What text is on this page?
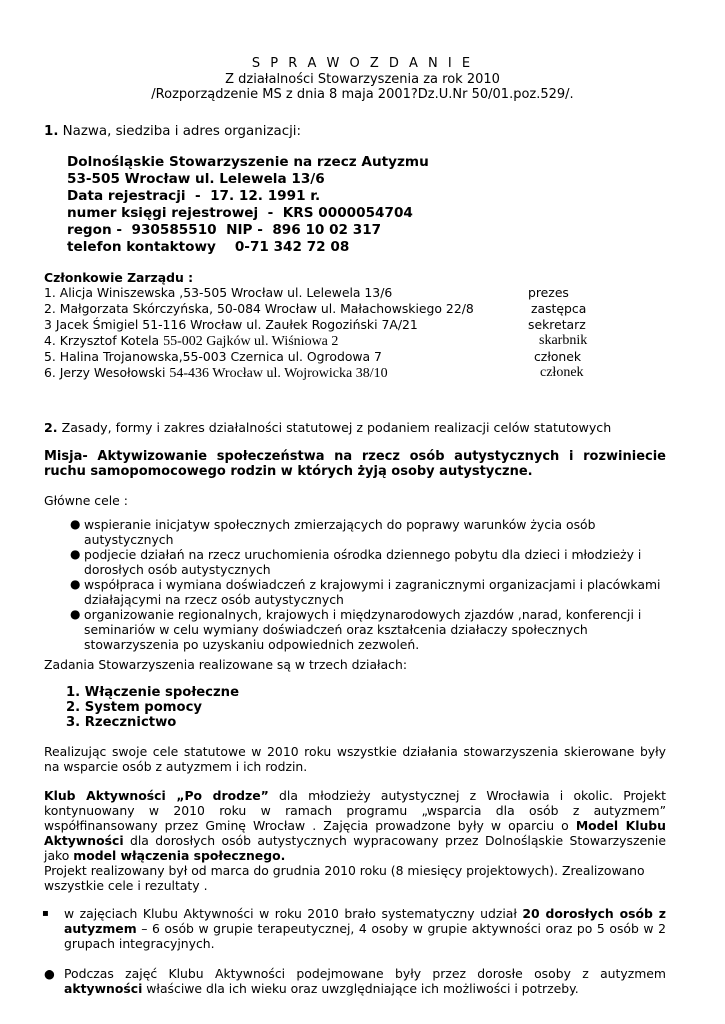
S P R A W O Z D A N I E
Z działalności Stowarzyszenia za rok 2010
/Rozporządzenie MS z dnia 8 maja 2001?Dz.U.Nr 50/01.poz.529/.
1. Nazwa, siedziba i adres organizacji:
Dolnośląskie Stowarzyszenie na rzecz Autyzmu
53-505 Wrocław ul. Lelewela 13/6
Data rejestracji  -  17. 12. 1991 r.
numer księgi rejestrowej  -  KRS 0000054704
regon -  930585510  NIP -  896 10 02 317
telefon kontaktowy    0-71 342 72 08
Członkowie Zarządu :
1. Alicja Winiszewska ,53-505 Wrocław ul. Lelewela 13/6	prezes
2. Małgorzata Skórczyńska, 50-084 Wrocław ul. Małachowskiego 22/8	zastępca
3 Jacek Śmigiel 51-116 Wrocław ul. Zaułek Rogoziński 7A/21	sekretarz
4. Krzysztof Kotela 55-002 Gajków ul. Wiśniowa 2	skarbnik
5. Halina Trojanowska,55-003 Czernica ul. Ogrodowa 7	członek
6. Jerzy Wesołowski 54-436 Wrocław ul. Wojrowicka 38/10	członek
2. Zasady, formy i zakres działalności statutowej z podaniem realizacji celów statutowych
Misja- Aktywizowanie społeczeństwa na rzecz osób autystycznych i rozwiniecie ruchu samopomocowego rodzin w których żyją osoby autystyczne.
Główne cele :
● wspieranie inicjatyw społecznych zmierzających do poprawy warunków życia osób autystycznych
● podjecie działań na rzecz uruchomienia ośrodka dziennego pobytu dla dzieci i młodzieży i dorosłych osób autystycznych
● współpraca i wymiana doświadczeń z krajowymi i zagranicznymi organizacjami i placówkami działającymi na rzecz osób autystycznych
● organizowanie regionalnych, krajowych i międzynarodowych zjazdów ,narad, konferencji i seminariów w celu wymiany doświadczeń oraz kształcenia działaczy społecznych stowarzyszenia po uzyskaniu odpowiednich zezwoleń.
Zadania Stowarzyszenia realizowane są w trzech działach:
1. Włączenie społeczne
2. System pomocy
3. Rzecznictwo
Realizując swoje cele statutowe w 2010 roku wszystkie działania stowarzyszenia skierowane były na wsparcie osób z autyzmem i ich rodzin.
Klub Aktywności „Po drodze” dla młodzieży autystycznej z Wrocławia i okolic. Projekt kontynuowany w 2010 roku w ramach programu „wsparcia dla osób z autyzmem” współfinansowany przez Gminę Wrocław . Zajęcia prowadzone były w oparciu o Model Klubu Aktywności dla dorosłych osób autystycznych wypracowany przez Dolnośląskie Stowarzyszenie jako model włączenia społecznego.
Projekt realizowany był od marca do grudnia 2010 roku (8 miesięcy projektowych). Zrealizowano wszystkie cele i rezultaty .
▪ w zajęciach Klubu Aktywności w roku 2010 brało systematyczny udział 20 dorosłych osób z autyzmem – 6 osób w grupie terapeutycznej, 4 osoby w grupie aktywności oraz po 5 osób w 2 grupach integracyjnych.
● Podczas zajęć Klubu Aktywności podejmowane były przez dorosłe osoby z autyzmem aktywności właściwe dla ich wieku oraz uwzględniające ich możliwości i potrzeby.
